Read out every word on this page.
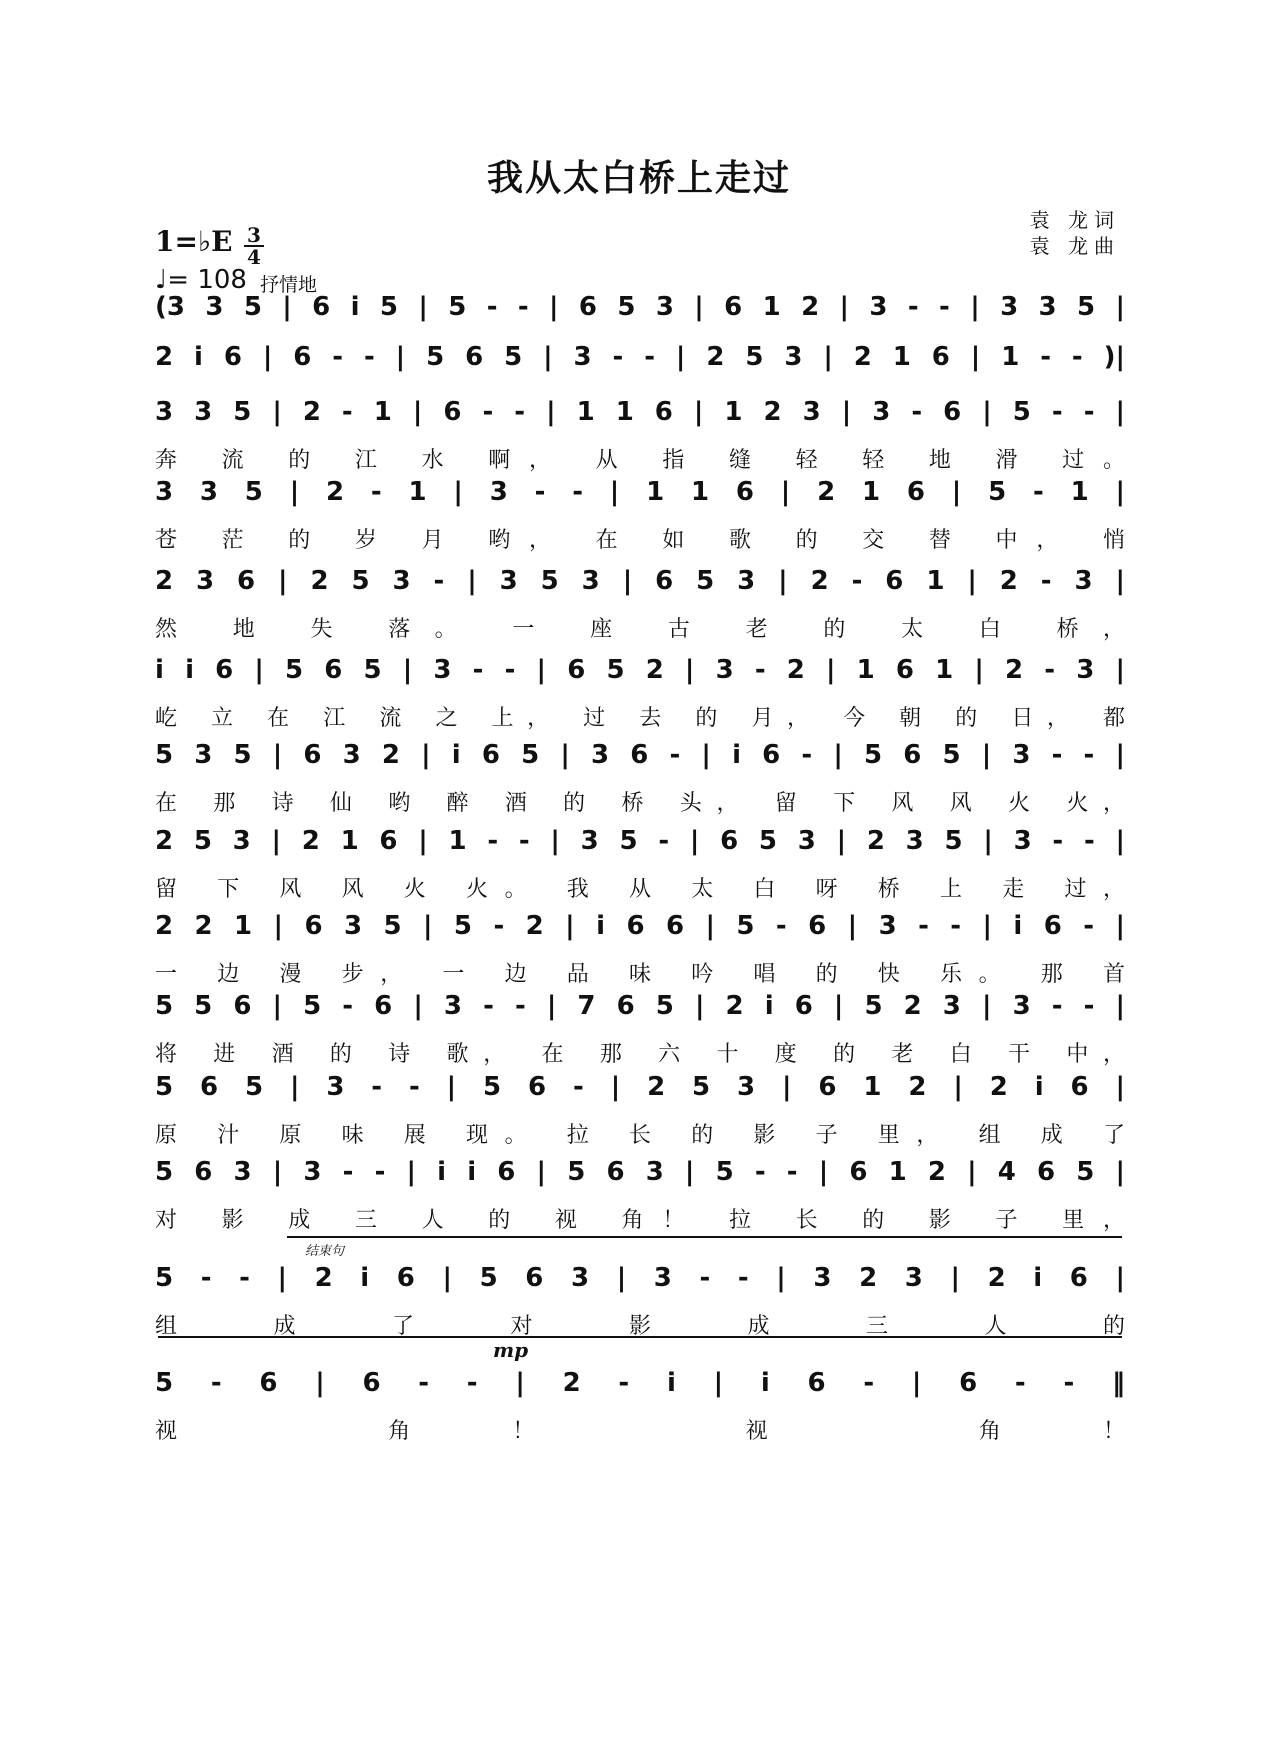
我从太白桥上走过
1=♭E 3
4
♩= 108 抒情地
袁 龙词
袁 龙曲
(3 3 5 | 6 i 5 | 5 - - | 6 5 3 | 6 1 2 | 3 - - | 3 3 5 |
2 i 6 | 6 - - | 5 6 5 | 3 - - | 2 5 3 | 2 1 6 | 1 - - )|
3 3 5 | 2 - 1 | 6 - - | 1 1 6 | 1 2 3 | 3 - 6 | 5 - - |
奔 流 的 江 水 啊， 从 指 缝 轻 轻 地 滑 过。
3 3 5 | 2 - 1 | 3 - - | 1 1 6 | 2 1 6 | 5 - 1 |
苍 茫 的 岁 月 哟， 在 如 歌 的 交 替 中， 悄
2 3 6 | 2 5 3 - | 3 5 3 | 6 5 3 | 2 - 6 1 | 2 - 3 |
然 地 失 落。 一 座 古 老 的 太 白 桥，
i i 6 | 5 6 5 | 3 - - | 6 5 2 | 3 - 2 | 1 6 1 | 2 - 3 |
屹 立 在 江 流 之 上， 过 去 的 月， 今 朝 的 日， 都
5 3 5 | 6 3 2 | i 6 5 | 3 6 - | i 6 - | 5 6 5 | 3 - - |
在 那 诗 仙 哟 醉 酒 的 桥 头， 留 下 风 风 火 火，
2 5 3 | 2 1 6 | 1 - - | 3 5 - | 6 5 3 | 2 3 5 | 3 - - |
留 下 风 风 火 火。 我 从 太 白 呀 桥 上 走 过，
2 2 1 | 6 3 5 | 5 - 2 | i 6 6 | 5 - 6 | 3 - - | i 6 - |
一 边 漫 步， 一 边 品 味 吟 唱 的 快 乐。 那 首
5 5 6 | 5 - 6 | 3 - - | 7 6 5 | 2 i 6 | 5 2 3 | 3 - - |
将 进 酒 的 诗 歌， 在 那 六 十 度 的 老 白 干 中，
5 6 5 | 3 - - | 5 6 - | 2 5 3 | 6 1 2 | 2 i 6 |
原 汁 原 味 展 现。 拉 长 的 影 子 里， 组 成 了
5 6 3 | 3 - - | i i 6 | 5 6 3 | 5 - - | 6 1 2 | 4 6 5 |
对 影 成 三 人 的 视 角！ 拉 长 的 影 子 里，
5 - - | 2 i 6 | 5 6 3 | 3 - - | 3 2 3 | 2 i 6 |
组 成 了 对 影 成 三 人 的
5 - 6 | 6 - - | 2 - i | i 6 - | 6 - - ‖
视 角！ 视 角！
结束句
mp
